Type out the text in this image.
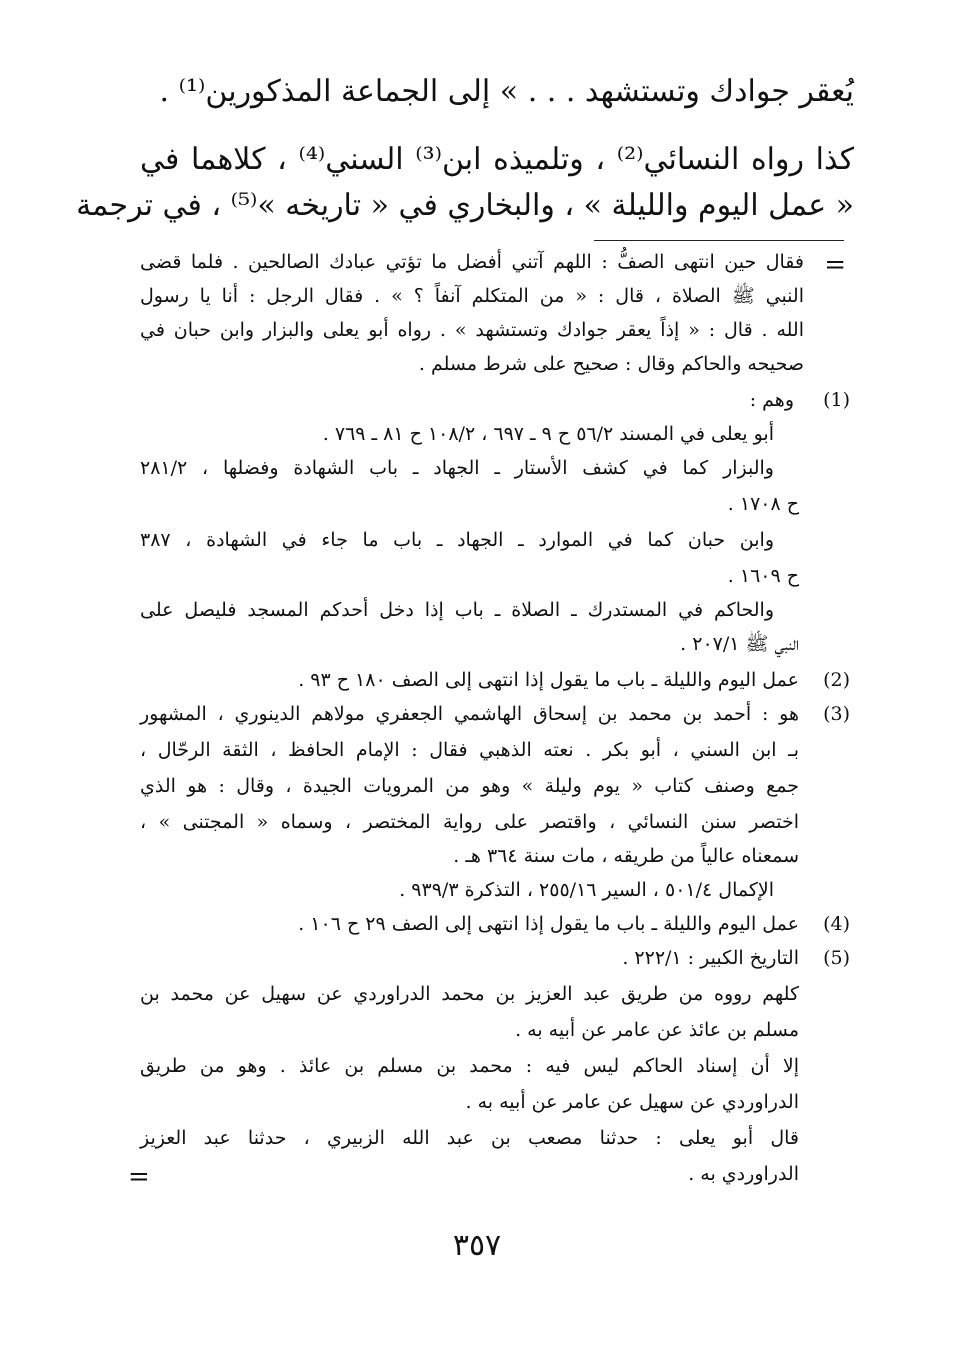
يُعقر جوادك وتستشهد . . . » إلى الجماعة المذكورين⁽¹⁾ .
كذا رواه النسائي⁽²⁾ ، وتلميذه ابن⁽³⁾ السني⁽⁴⁾ ، كلاهما في
« عمل اليوم والليلة » ، والبخاري في « تاريخه »⁽⁵⁾ ، في ترجمة
=
فقال حين انتهى الصفُّ : اللهم آتني أفضل ما تؤتي عبادك الصالحين . فلما قضى
النبي ﷺ الصلاة ، قال : « من المتكلم آنفاً ؟ » . فقال الرجل : أنا يا رسول
الله . قال : « إذاً يعقر جوادك وتستشهد » . رواه أبو يعلى والبزار وابن حبان في
صحيحه والحاكم وقال : صحيح على شرط مسلم .
(1)
وهم :
أبو يعلى في المسند ٥٦/٢ ح ٩ ـ ٦٩٧ ، ١٠٨/٢ ح ٨١ ـ ٧٦٩ .
والبزار كما في كشف الأستار ـ الجهاد ـ باب الشهادة وفضلها ، ٢٨١/٢
ح ١٧٠٨ .
وابن حبان كما في الموارد ـ الجهاد ـ باب ما جاء في الشهادة ، ٣٨٧
ح ١٦٠٩ .
والحاكم في المستدرك ـ الصلاة ـ باب إذا دخل أحدكم المسجد فليصل على
النبي ﷺ ٢٠٧/١ .
(2)
عمل اليوم والليلة ـ باب ما يقول إذا انتهى إلى الصف ١٨٠ ح ٩٣ .
(3)
هو : أحمد بن محمد بن إسحاق الهاشمي الجعفري مولاهم الدينوري ، المشهور
بـ ابن السني ، أبو بكر . نعته الذهبي فقال : الإمام الحافظ ، الثقة الرحّال ،
جمع وصنف كتاب « يوم وليلة » وهو من المرويات الجيدة ، وقال : هو الذي
اختصر سنن النسائي ، واقتصر على رواية المختصر ، وسماه « المجتنى » ،
سمعناه عالياً من طريقه ، مات سنة ٣٦٤ هـ .
الإكمال ٥٠١/٤ ، السير ٢٥٥/١٦ ، التذكرة ٩٣٩/٣ .
(4)
عمل اليوم والليلة ـ باب ما يقول إذا انتهى إلى الصف ٢٩ ح ١٠٦ .
(5)
التاريخ الكبير : ٢٢٢/١ .
كلهم رووه من طريق عبد العزيز بن محمد الدراوردي عن سهيل عن محمد بن
مسلم بن عائذ عن عامر عن أبيه به .
إلا أن إسناد الحاكم ليس فيه : محمد بن مسلم بن عائذ . وهو من طريق
الدراوردي عن سهيل عن عامر عن أبيه به .
قال أبو يعلى : حدثنا مصعب بن عبد الله الزبيري ، حدثنا عبد العزيز
الدراوردي به .
=
٣٥٧
